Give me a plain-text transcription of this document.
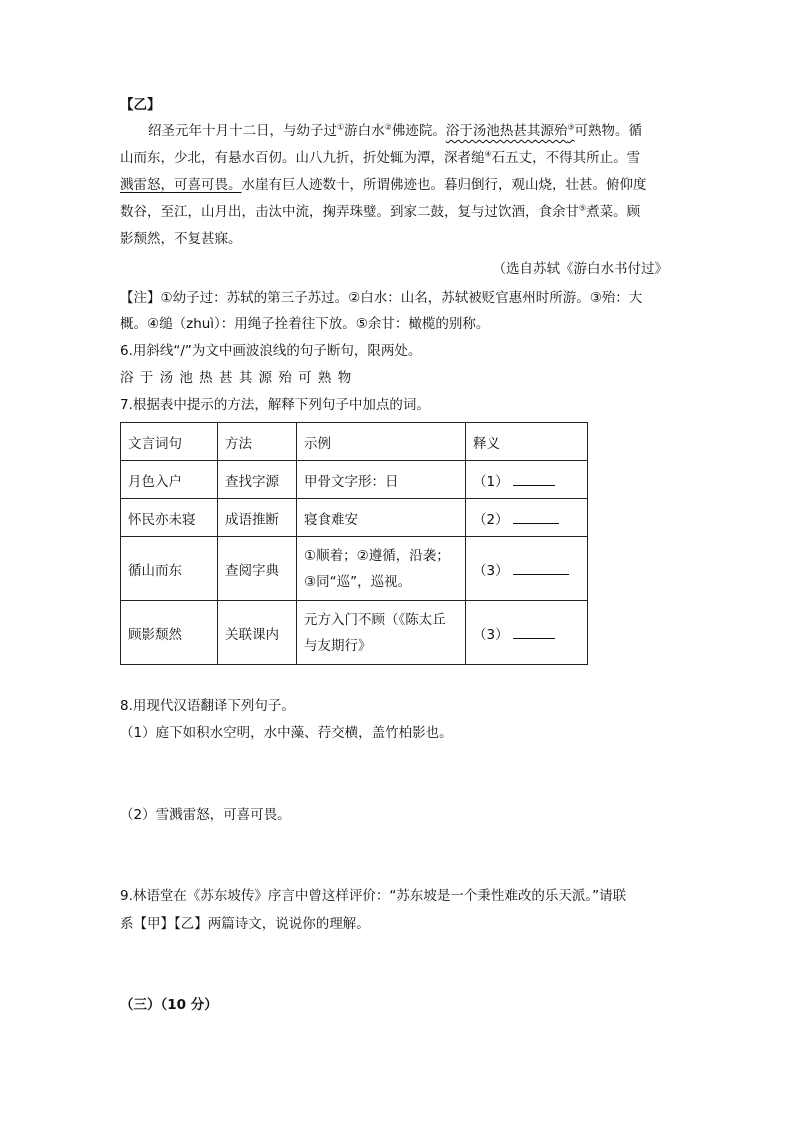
【乙】
绍圣元年十月十二日，与幼子过①游白水②佛迹院。浴于汤池热甚其源殆③可熟物。循
山而东，少北，有悬水百仞。山八九折，折处辄为潭，深者缒④石五丈，不得其所止。雪
溅雷怒，可喜可畏。水崖有巨人迹数十，所谓佛迹也。暮归倒行，观山烧，壮甚。俯仰度
数谷，至江，山月出，击汰中流，掬弄珠璧。到家二鼓，复与过饮酒，食余甘⑤煮菜。顾
影颓然，不复甚寐。
（选自苏轼《游白水书付过》
【注】①幼子过：苏轼的第三子苏过。②白水：山名，苏轼被贬官惠州时所游。③殆：大
概。④缒（zhuì）：用绳子拴着往下放。⑤余甘：橄榄的别称。
6.用斜线“/”为文中画波浪线的句子断句，限两处。
浴 于 汤 池 热 甚 其 源 殆 可 熟 物
7.根据表中提示的方法，解释下列句子中加点的词。
文言词句	方法	示例	释义
月色入户	查找字源	甲骨文字形：日	（1）
怀民亦未寝	成语推断	寝食难安	（2）
循山而东	查阅字典	①顺着；②遵循，沿袭；
③同“巡”，巡视。	（3）
顾影颓然	关联课内	元方入门不顾（《陈太丘
与友期行》	（3）
8.用现代汉语翻译下列句子。
（1）庭下如积水空明，水中藻、荇交横，盖竹柏影也。
（2）雪溅雷怒，可喜可畏。
9.林语堂在《苏东坡传》序言中曾这样评价：“苏东坡是一个秉性难改的乐天派。”请联
系【甲】【乙】两篇诗文，说说你的理解。
（三）（10 分）
